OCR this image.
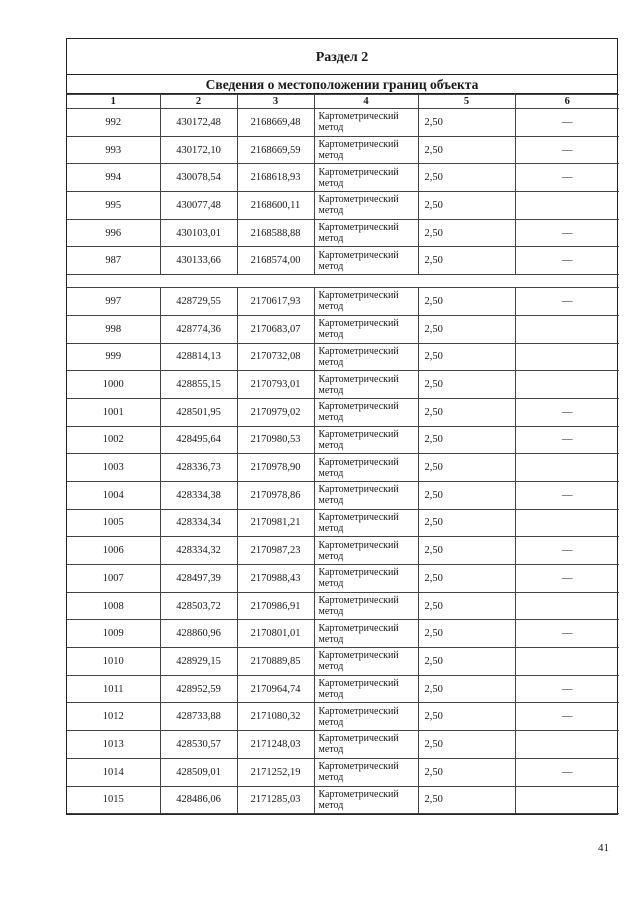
Раздел 2
Сведения о местоположении границ объекта
1	2	3	4	5	6
992	430172,48	2168669,48	Картометрический метод	2,50	—
993	430172,10	2168669,59	Картометрический метод	2,50	—
994	430078,54	2168618,93	Картометрический метод	2,50	—
995	430077,48	2168600,11	Картометрический метод	2,50	
996	430103,01	2168588,88	Картометрический метод	2,50	—
987	430133,66	2168574,00	Картометрический метод	2,50	—

997	428729,55	2170617,93	Картометрический метод	2,50	—
998	428774,36	2170683,07	Картометрический метод	2,50	
999	428814,13	2170732,08	Картометрический метод	2,50	
1000	428855,15	2170793,01	Картометрический метод	2,50	
1001	428501,95	2170979,02	Картометрический метод	2,50	—
1002	428495,64	2170980,53	Картометрический метод	2,50	—
1003	428336,73	2170978,90	Картометрический метод	2,50	
1004	428334,38	2170978,86	Картометрический метод	2,50	—
1005	428334,34	2170981,21	Картометрический метод	2,50	
1006	428334,32	2170987,23	Картометрический метод	2,50	—
1007	428497,39	2170988,43	Картометрический метод	2,50	—
1008	428503,72	2170986,91	Картометрический метод	2,50	
1009	428860,96	2170801,01	Картометрический метод	2,50	—
1010	428929,15	2170889,85	Картометрический метод	2,50	
1011	428952,59	2170964,74	Картометрический метод	2,50	—
1012	428733,88	2171080,32	Картометрический метод	2,50	—
1013	428530,57	2171248,03	Картометрический метод	2,50	
1014	428509,01	2171252,19	Картометрический метод	2,50	—
1015	428486,06	2171285,03	Картометрический метод	2,50	
41
